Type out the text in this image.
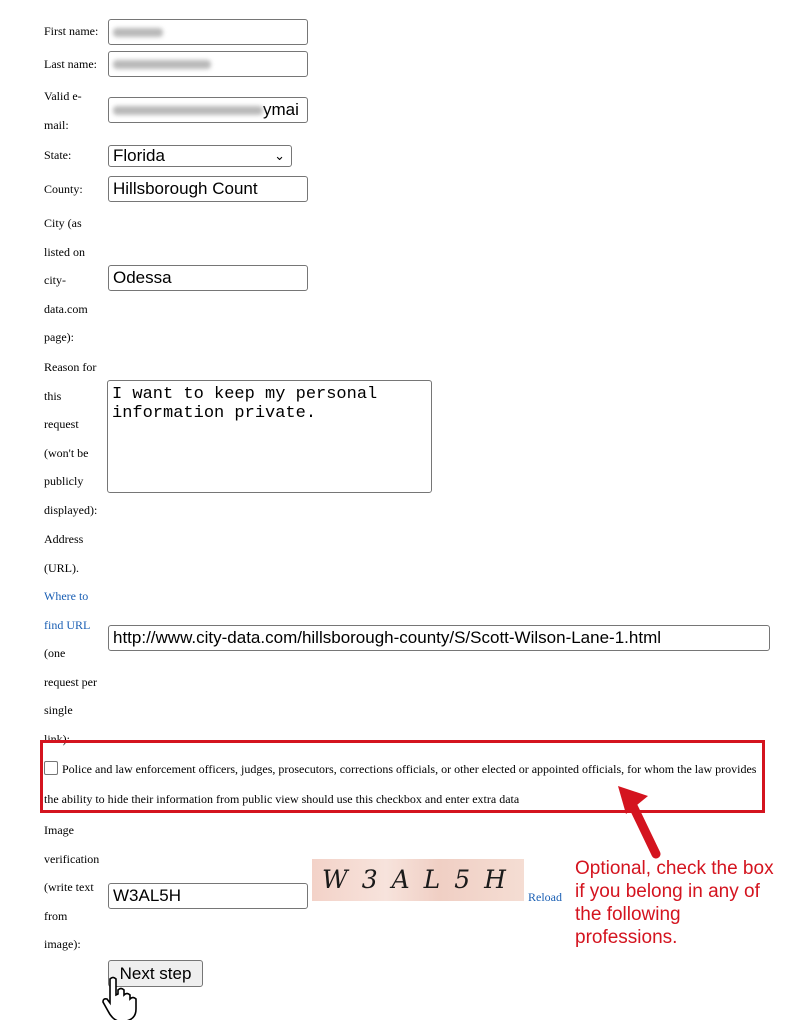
First name:
Last name:
Valid e-
mail:
ymai
State:	Florida	⌄
County:	Hillsborough Count
City (as
listed on
city-
data.com
page):
Odessa
Reason for
this
request
(won't be
publicly
displayed):
I want to keep my personal information private.
Address
(URL).
Where to
find URL
(one
request per
single
link):
http://www.city-data.com/hillsborough-county/S/Scott-Wilson-Lane-1.html
Police and law enforcement officers, judges, prosecutors, corrections officials, or other elected or appointed officials, for whom the law provides the ability to hide their information from public view should use this checkbox and enter extra data
Image
verification
(write text
from
image):
W3AL5H
W3AL5H
Reload
Optional, check the box if you belong in any of the following professions.
Next step
